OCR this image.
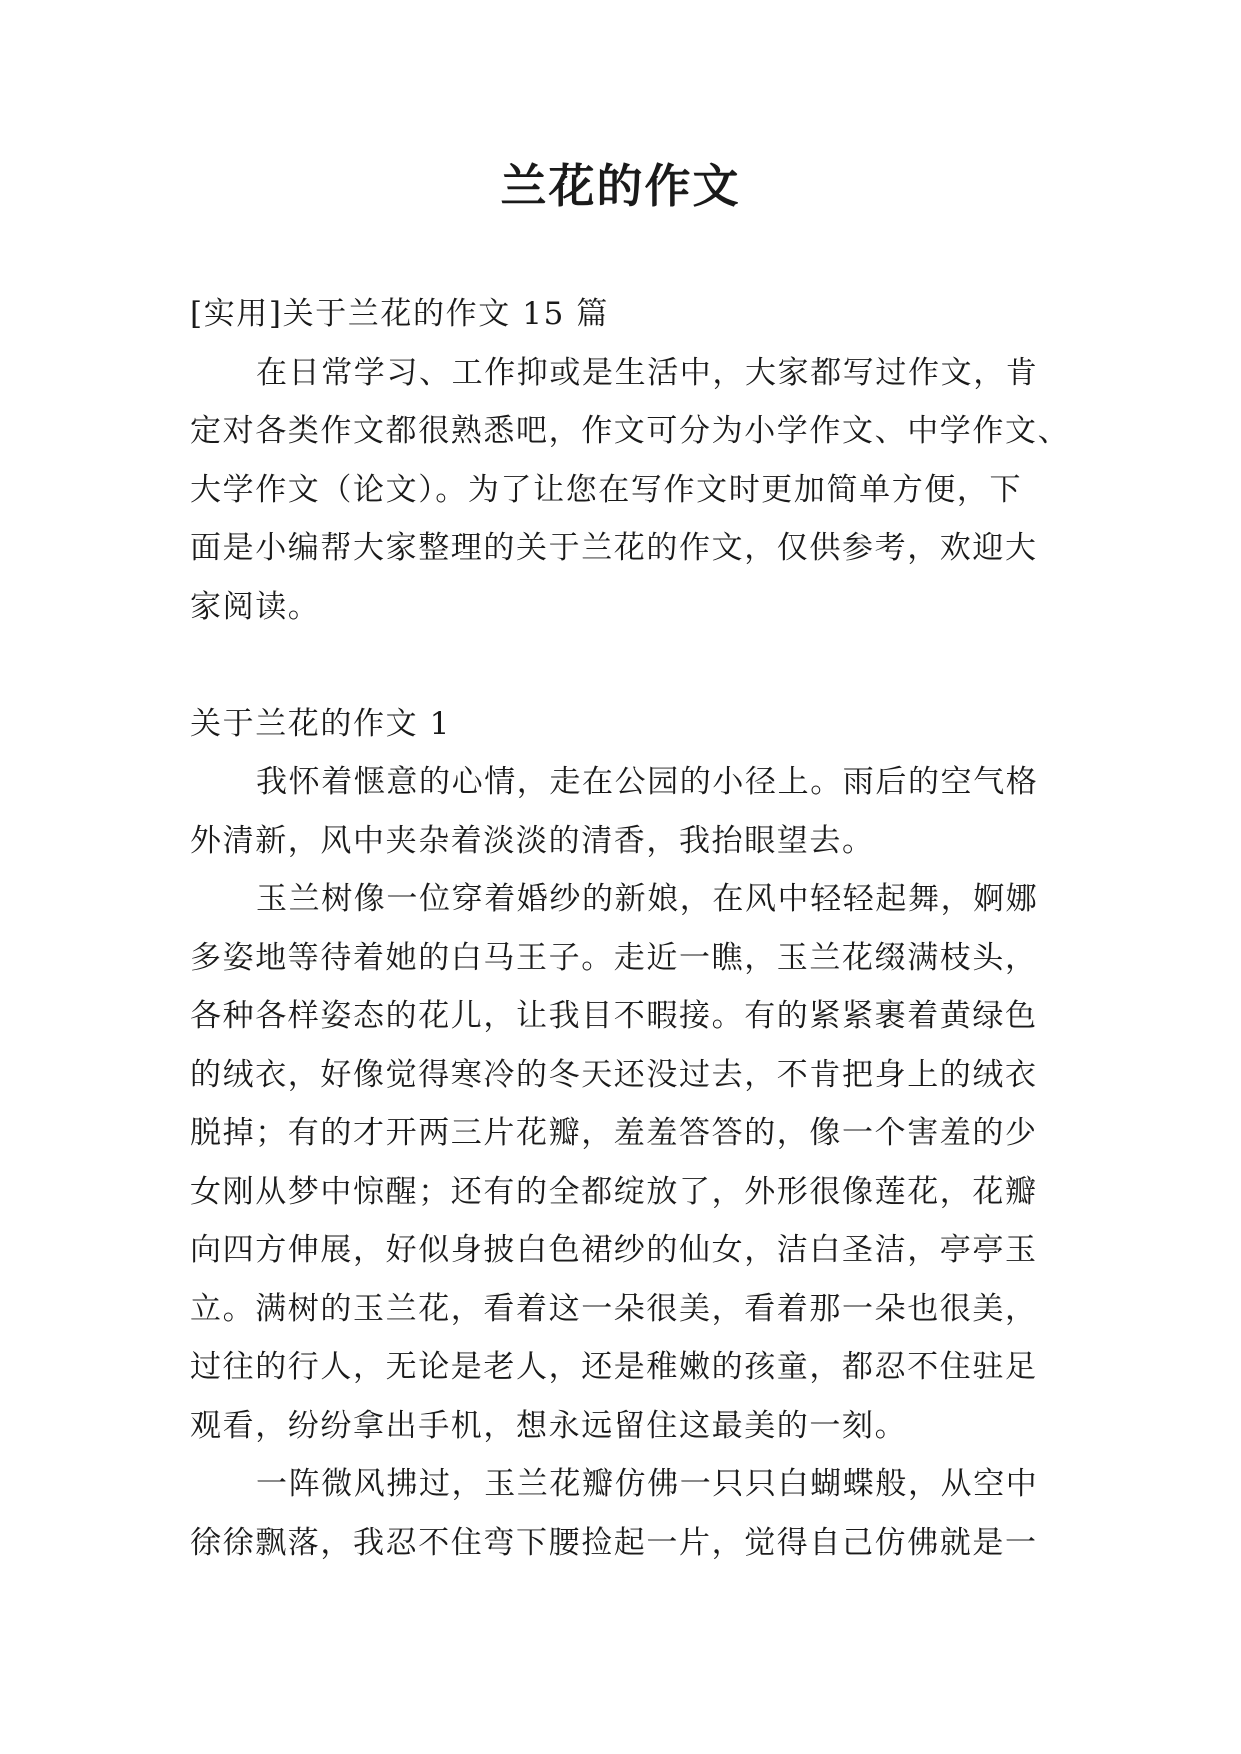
兰花的作文

[实用]关于兰花的作文 15 篇

在日常学习、工作抑或是生活中，大家都写过作文，肯

定对各类作文都很熟悉吧，作文可分为小学作文、中学作文、

大学作文（论文）。为了让您在写作文时更加简单方便，下

面是小编帮大家整理的关于兰花的作文，仅供参考，欢迎大

家阅读。

关于兰花的作文 1

我怀着惬意的心情，走在公园的小径上。雨后的空气格

外清新，风中夹杂着淡淡的清香，我抬眼望去。

玉兰树像一位穿着婚纱的新娘，在风中轻轻起舞，婀娜

多姿地等待着她的白马王子。走近一瞧，玉兰花缀满枝头，

各种各样姿态的花儿，让我目不暇接。有的紧紧裹着黄绿色

的绒衣，好像觉得寒冷的冬天还没过去，不肯把身上的绒衣

脱掉；有的才开两三片花瓣，羞羞答答的，像一个害羞的少

女刚从梦中惊醒；还有的全都绽放了，外形很像莲花，花瓣

向四方伸展，好似身披白色裙纱的仙女，洁白圣洁，亭亭玉

立。满树的玉兰花，看着这一朵很美，看着那一朵也很美，

过往的行人，无论是老人，还是稚嫩的孩童，都忍不住驻足

观看，纷纷拿出手机，想永远留住这最美的一刻。

一阵微风拂过，玉兰花瓣仿佛一只只白蝴蝶般，从空中

徐徐飘落，我忍不住弯下腰捡起一片，觉得自己仿佛就是一
